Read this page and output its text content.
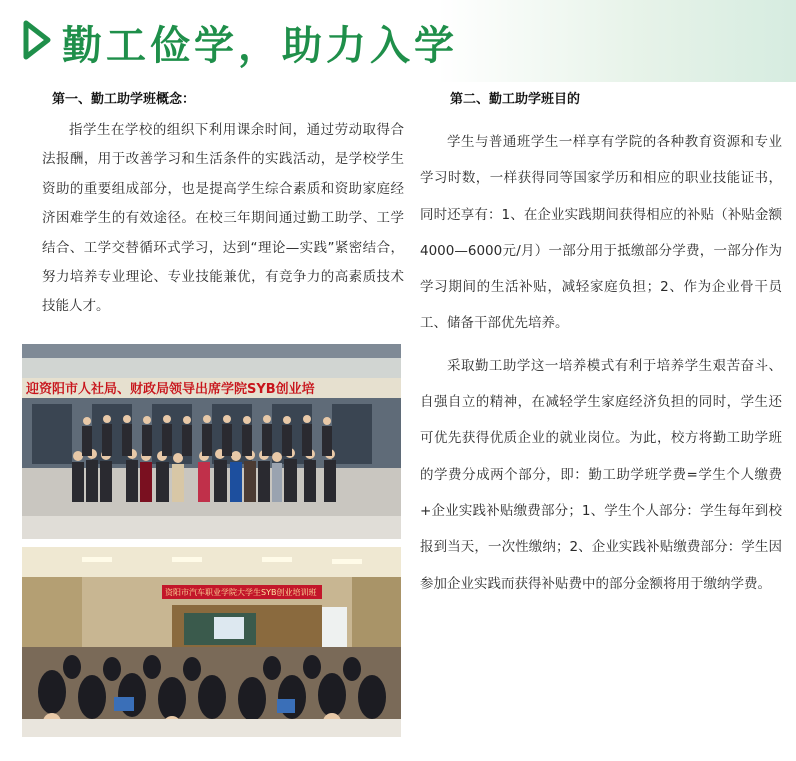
勤工俭学，助力入学
第一、勤工助学班概念：

指学生在学校的组织下利用课余时间，通过劳动取得合法报酬，用于改善学习和生活条件的实践活动，是学校学生资助的重要组成部分，也是提高学生综合素质和资助家庭经济困难学生的有效途径。在校三年期间通过勤工助学、工学结合、工学交替循环式学习，达到“理论—实践”紧密结合，努力培养专业理论、专业技能兼优，有竞争力的高素质技术技能人才。

第二、勤工助学班目的

学生与普通班学生一样享有学院的各种教育资源和专业学习时数，一样获得同等国家学历和相应的职业技能证书，同时还享有：1、在企业实践期间获得相应的补贴（补贴金额4000—6000元/月）一部分用于抵缴部分学费，一部分作为学习期间的生活补贴，减轻家庭负担；2、作为企业骨干员工、储备干部优先培养。

采取勤工助学这一培养模式有利于培养学生艰苦奋斗、自强自立的精神，在减轻学生家庭经济负担的同时，学生还可优先获得优质企业的就业岗位。为此，校方将勤工助学班的学费分成两个部分，即：勤工助学班学费=学生个人缴费+企业实践补贴缴费部分；1、学生个人部分：学生每年到校报到当天，一次性缴纳；2、企业实践补贴缴费部分：学生因参加企业实践而获得补贴费中的部分金额将用于缴纳学费。

迎资阳市人社局、财政局领导出席学院SYB创业培
资阳市汽车职业学院大学生SYB创业培训班
